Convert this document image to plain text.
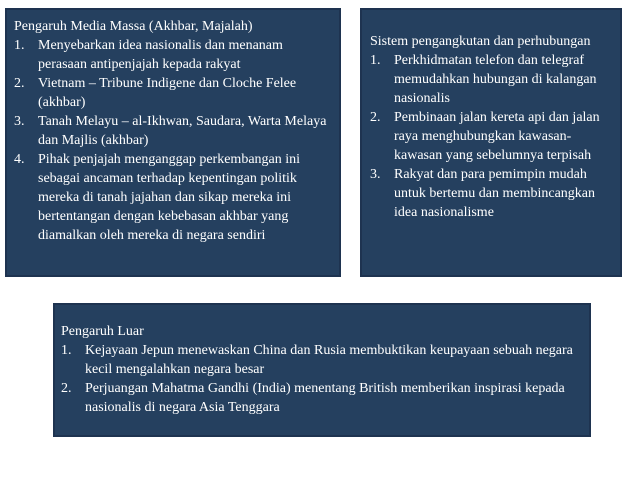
Pengaruh Media Massa (Akhbar, Majalah)

1. Menyebarkan idea nasionalis dan menanam perasaan antipenjajah kepada rakyat
2. Vietnam – Tribune Indigene dan Cloche Felee (akhbar)
3. Tanah Melayu – al-Ikhwan, Saudara, Warta Melaya dan Majlis (akhbar)
4. Pihak penjajah menganggap perkembangan ini sebagai ancaman terhadap kepentingan politik mereka di tanah jajahan dan sikap mereka ini bertentangan dengan kebebasan akhbar yang diamalkan oleh mereka di negara sendiri

Sistem pengangkutan dan perhubungan

1. Perkhidmatan telefon dan telegraf memudahkan hubungan di kalangan nasionalis
2. Pembinaan jalan kereta api dan jalan raya menghubungkan kawasan-kawasan yang sebelumnya terpisah
3. Rakyat dan para pemimpin mudah untuk bertemu dan membincangkan idea nasionalisme

Pengaruh Luar

1. Kejayaan Jepun menewaskan China dan Rusia membuktikan keupayaan sebuah negara kecil mengalahkan negara besar
2. Perjuangan Mahatma Gandhi (India) menentang British memberikan inspirasi kepada nasionalis di negara Asia Tenggara
